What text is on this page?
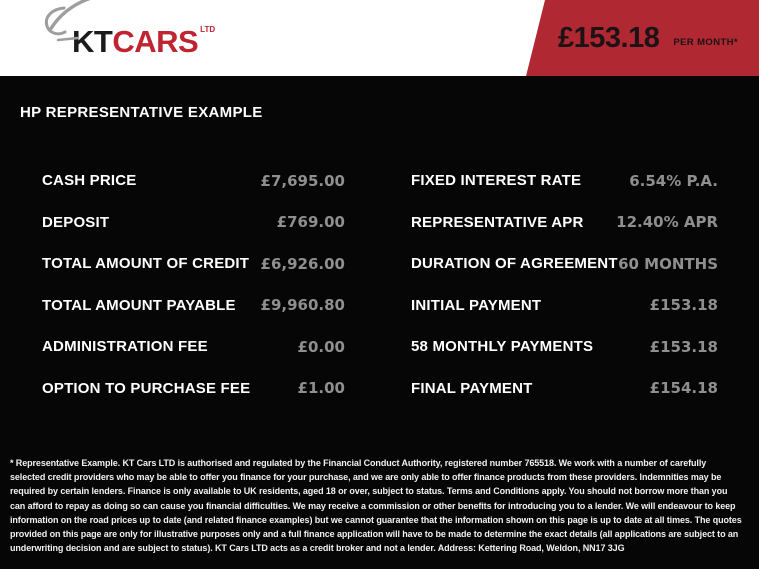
KTCARS $^{LTD}$	£153.18 PER MONTH*
HP REPRESENTATIVE EXAMPLE
CASH PRICE	£7,695.00
DEPOSIT	£769.00
TOTAL AMOUNT OF CREDIT £6,926.00
TOTAL AMOUNT PAYABLE £9,960.80
ADMINISTRATION FEE	£0.00
OPTION TO PURCHASE FEE	£1.00
FIXED INTEREST RATE	6.54% P.A.
REPRESENTATIVE APR 12.40% APR
DURATION OF AGREEMENT 60 MONTHS
INITIAL PAYMENT	£153.18
58 MONTHLY PAYMENTS	£153.18
FINAL PAYMENT	£154.18

* Representative Example. KT Cars LTD is authorised and regulated by the Financial Conduct Authority, registered number 765518. We work with a number of carefully selected credit providers who may be able to offer you finance for your purchase, and we are only able to offer finance products from these providers. Indemnities may be required by certain lenders. Finance is only available to UK residents, aged 18 or over, subject to status. Terms and Conditions apply. You should not borrow more than you can afford to repay as doing so can cause you financial difficulties. We may receive a commission or other benefits for introducing you to a lender. We will endeavour to keep information on the road prices up to date (and related finance examples) but we cannot guarantee that the information shown on this page is up to date at all times. The quotes provided on this page are only for illustrative purposes only and a full finance application will have to be made to determine the exact details (all applications are subject to an underwriting decision and are subject to status). KT Cars LTD acts as a credit broker and not a lender. Address: Kettering Road, Weldon, NN17 3JG
